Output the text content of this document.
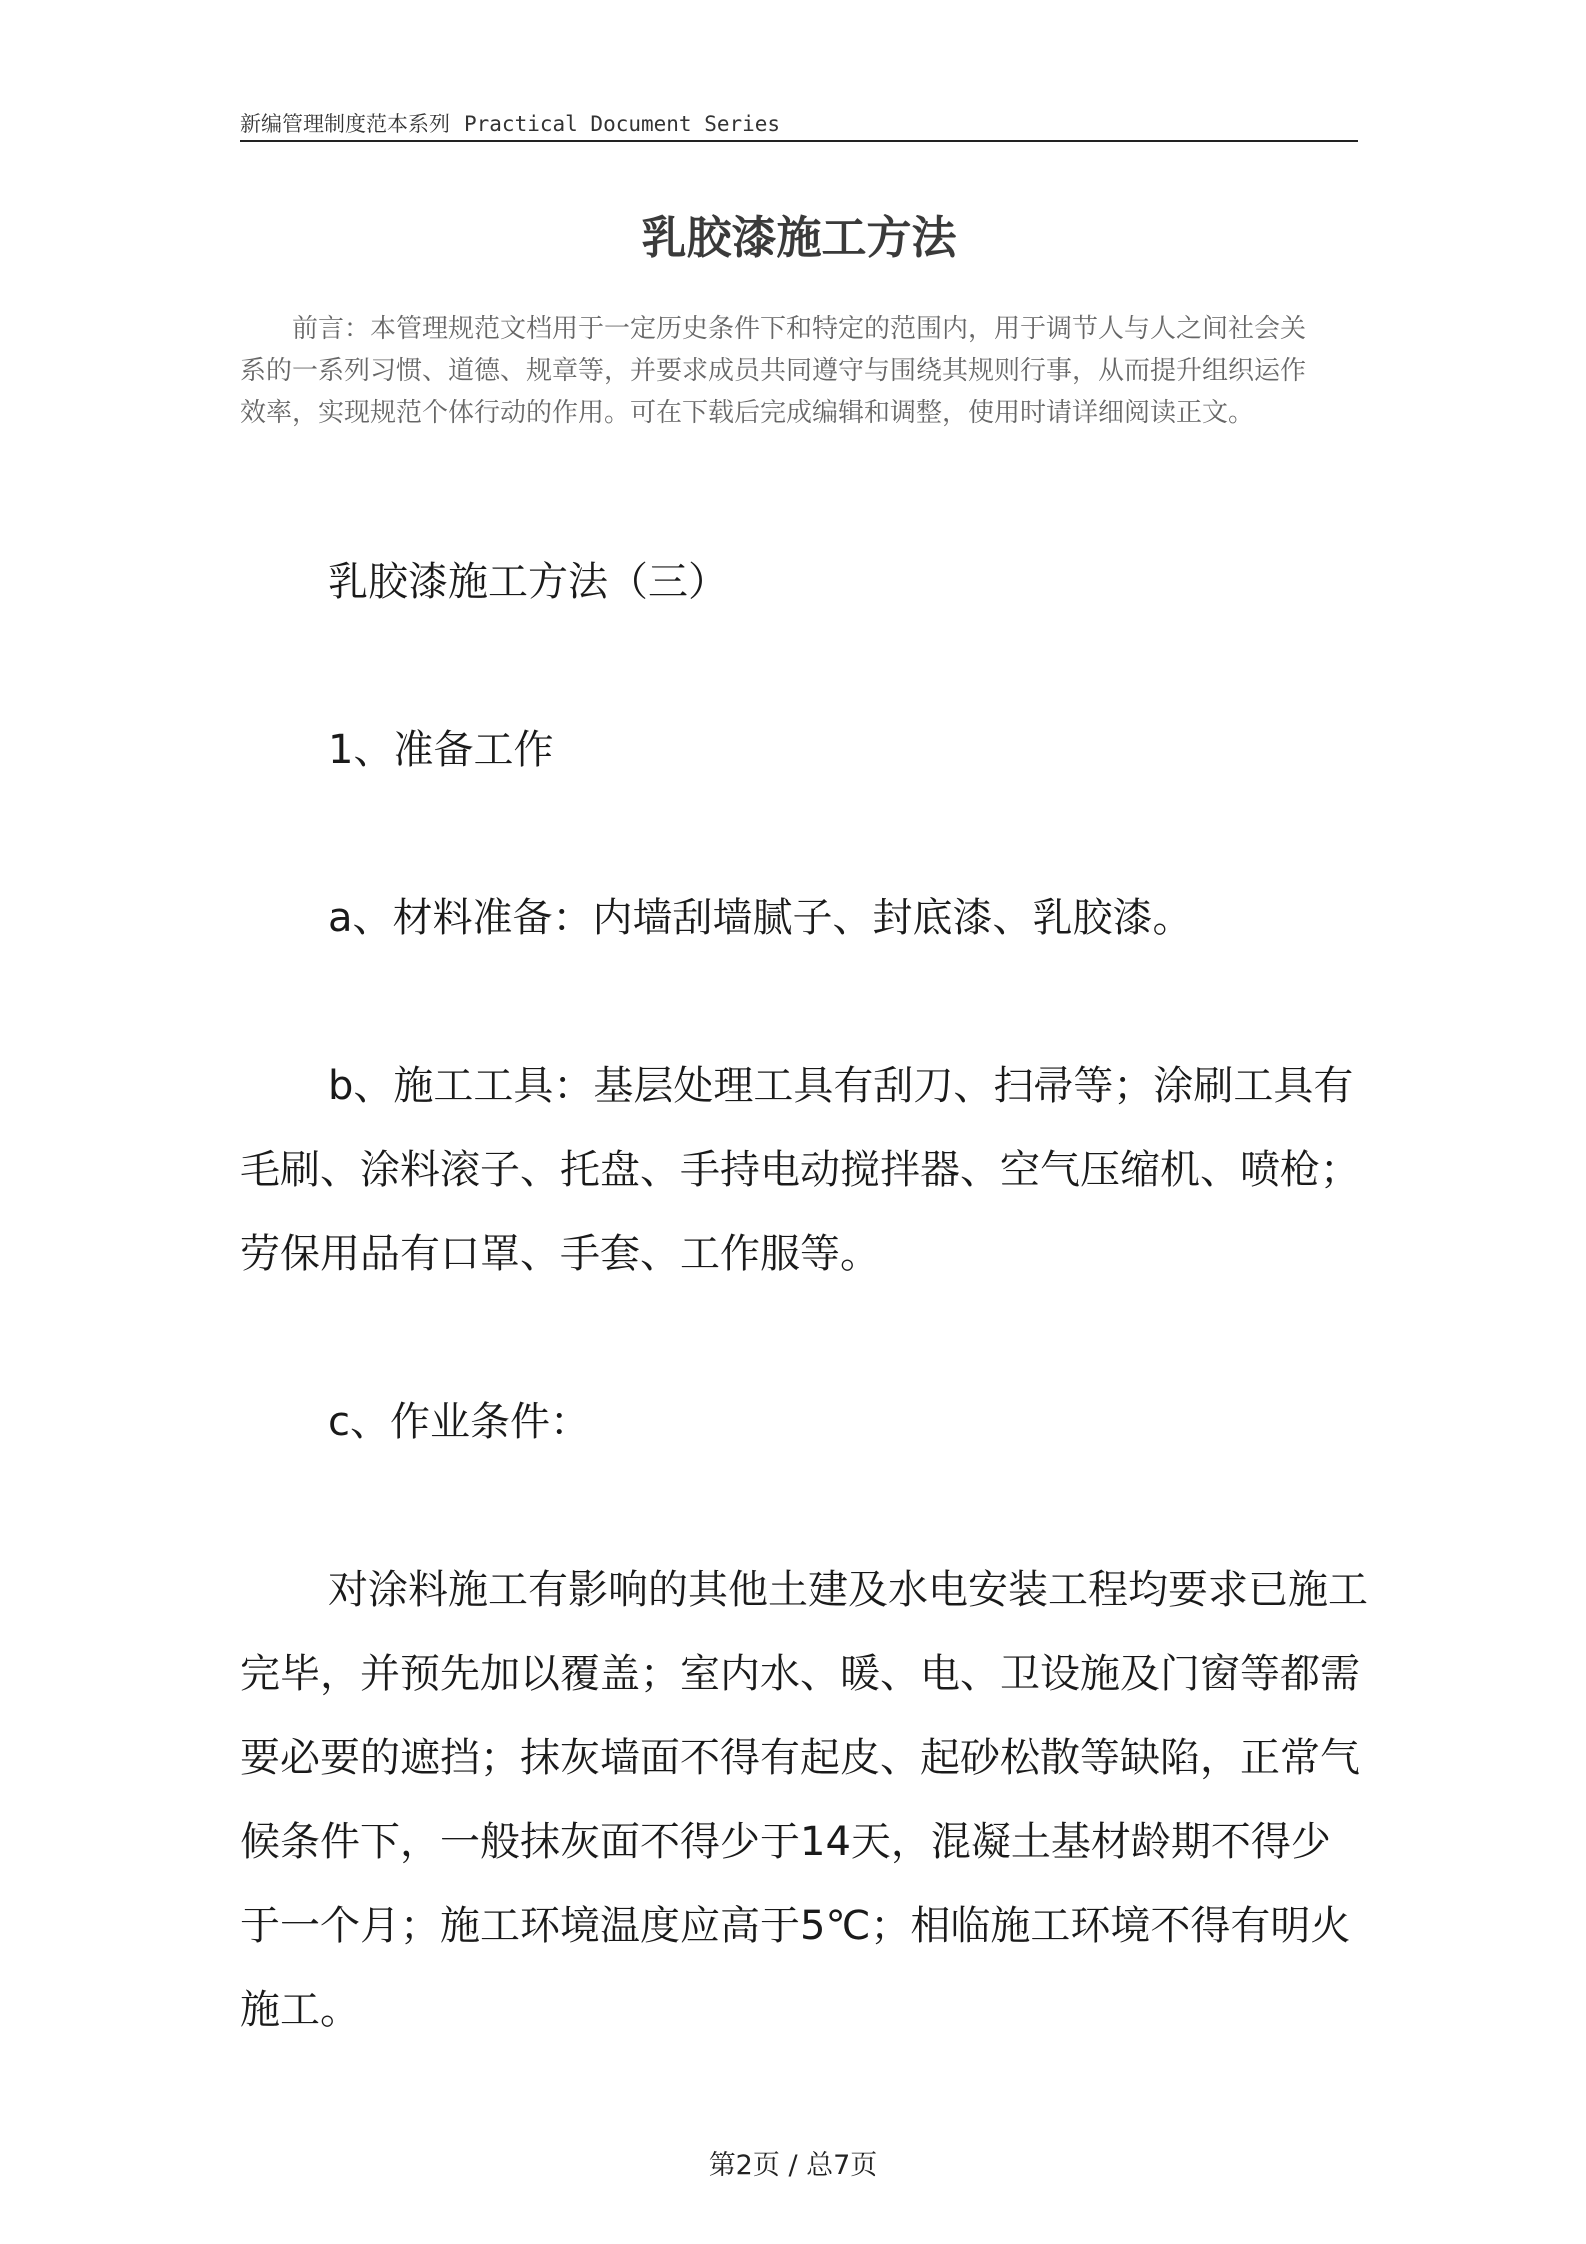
新编管理制度范本系列 Practical Document Series
乳胶漆施工方法
前言：本管理规范文档用于一定历史条件下和特定的范围内，用于调节人与人之间社会关系的一系列习惯、道德、规章等，并要求成员共同遵守与围绕其规则行事，从而提升组织运作效率，实现规范个体行动的作用。可在下载后完成编辑和调整，使用时请详细阅读正文。

乳胶漆施工方法（三）

1、准备工作

a、材料准备：内墙刮墙腻子、封底漆、乳胶漆。

b、施工工具：基层处理工具有刮刀、扫帚等；涂刷工具有毛刷、涂料滚子、托盘、手持电动搅拌器、空气压缩机、喷枪；劳保用品有口罩、手套、工作服等。

c、作业条件：

对涂料施工有影响的其他土建及水电安装工程均要求已施工完毕，并预先加以覆盖；室内水、暖、电、卫设施及门窗等都需要必要的遮挡；抹灰墙面不得有起皮、起砂松散等缺陷，正常气候条件下，一般抹灰面不得少于14天，混凝土基材龄期不得少于一个月；施工环境温度应高于5℃；相临施工环境不得有明火施工。

第2页 / 总7页
